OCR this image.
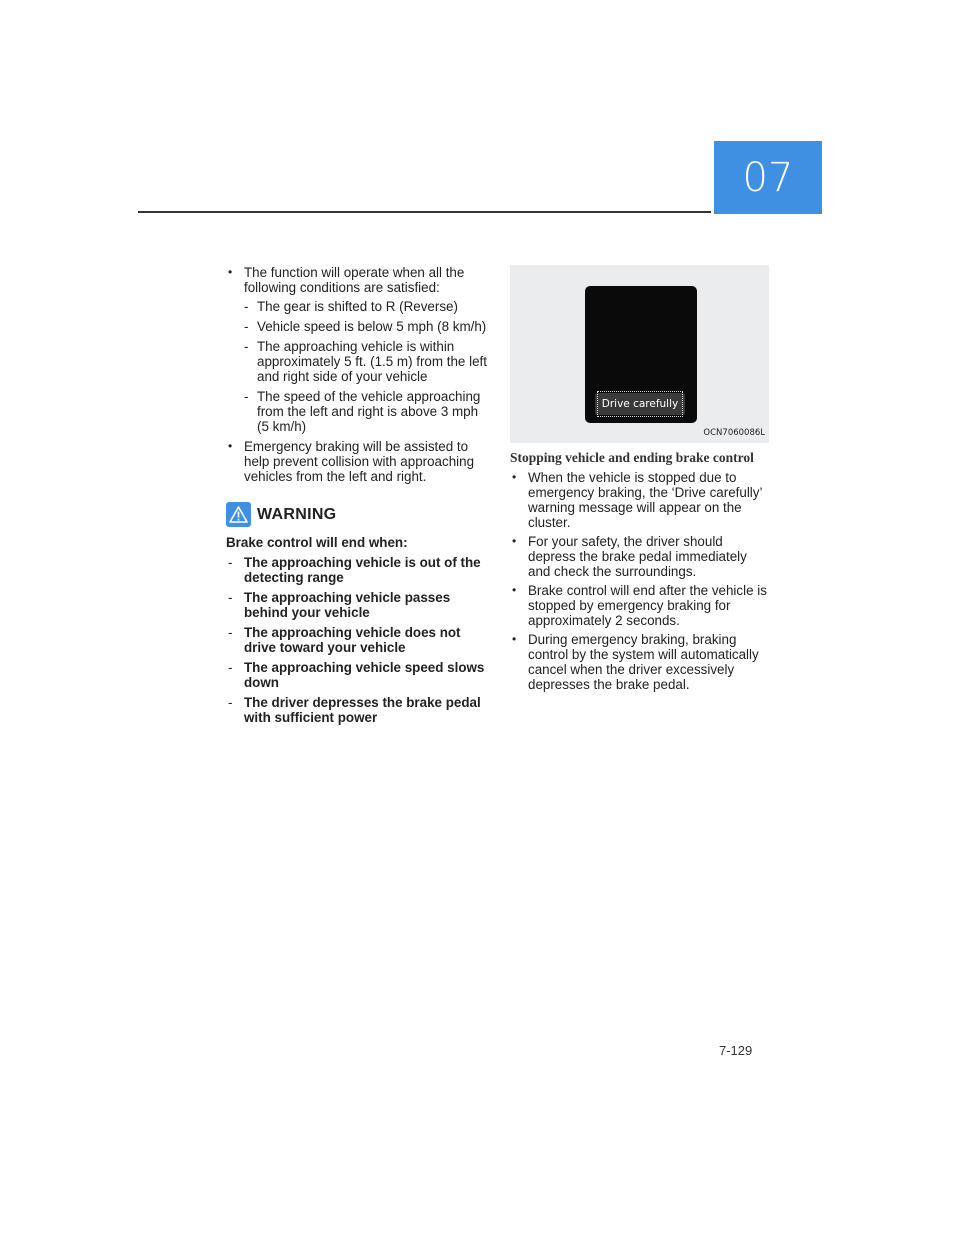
07
• The function will operate when all the following conditions are satisfied:
- The gear is shifted to R (Reverse)
- Vehicle speed is below 5 mph (8 km/h)
- The approaching vehicle is within approximately 5 ft. (1.5 m) from the left and right side of your vehicle
- The speed of the vehicle approaching from the left and right is above 3 mph (5 km/h)
• Emergency braking will be assisted to help prevent collision with approaching vehicles from the left and right.
WARNING
Brake control will end when:
- The approaching vehicle is out of the detecting range
- The approaching vehicle passes behind your vehicle
- The approaching vehicle does not drive toward your vehicle
- The approaching vehicle speed slows down
- The driver depresses the brake pedal with sufficient power
Drive carefully
OCN7060086L
Stopping vehicle and ending brake control
• When the vehicle is stopped due to emergency braking, the ‘Drive carefully’ warning message will appear on the cluster.
• For your safety, the driver should depress the brake pedal immediately and check the surroundings.
• Brake control will end after the vehicle is stopped by emergency braking for approximately 2 seconds.
• During emergency braking, braking control by the system will automatically cancel when the driver excessively depresses the brake pedal.
7-129
